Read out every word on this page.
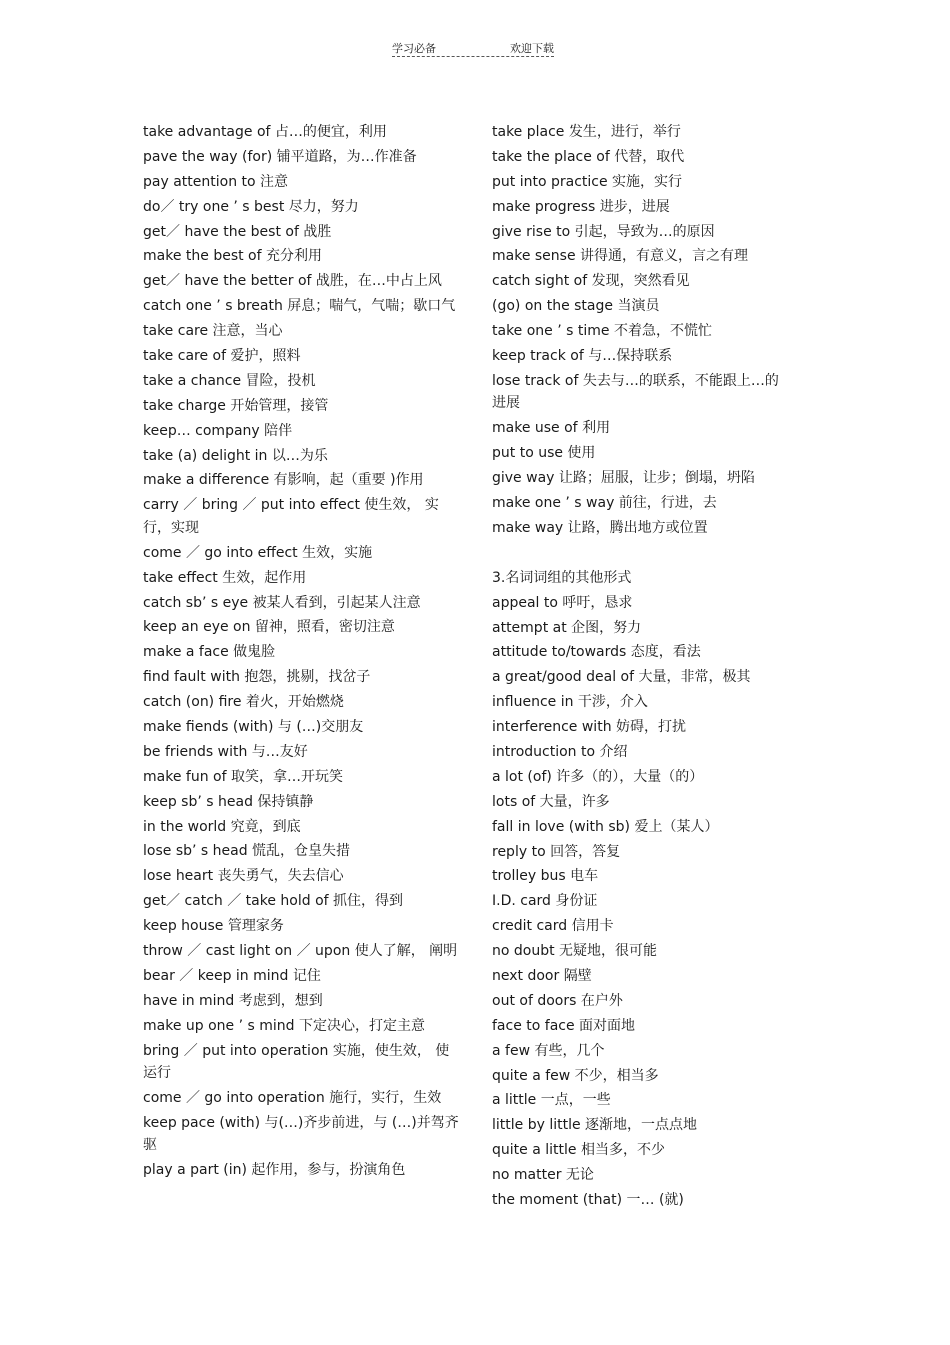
学习必备	欢迎下载
take advantage of 占…的便宜，利用
pave the way (for) 铺平道路，为…作准备
pay attention to 注意
do／ try one ’ s best 尽力，努力
get／ have the best of 战胜
make the best of 充分利用
get／ have the better of 战胜，在…中占上风
catch one ’ s breath 屏息；喘气，气喘；歇口气
take care 注意，当心
take care of 爱护，照料
take a chance 冒险，投机
take charge 开始管理，接管
keep… company 陪伴
take (a) delight in 以…为乐
make a difference 有影响，起（重要 )作用
carry ／ bring ／ put into effect 使生效， 实行，实现
come ／ go into effect 生效，实施
take effect 生效，起作用
catch sb’ s eye 被某人看到，引起某人注意
keep an eye on 留神，照看，密切注意
make a face 做鬼脸
find fault with 抱怨，挑剔，找岔子
catch (on) fire 着火，开始燃烧
make fiends (with) 与 (…)交朋友
be friends with 与…友好
make fun of 取笑，拿…开玩笑
keep sb’ s head 保持镇静
in the world 究竟，到底
lose sb’ s head 慌乱，仓皇失措
lose heart 丧失勇气，失去信心
get／ catch ／ take hold of 抓住，得到
keep house 管理家务
throw ／ cast light on ／ upon 使人了解， 阐明
bear ／ keep in mind 记住
have in mind 考虑到，想到
make up one ’ s mind 下定决心，打定主意
bring ／ put into operation 实施，使生效， 使运行
come ／ go into operation 施行，实行，生效
keep pace (with) 与(…)齐步前进，与 (…)并驾齐驱
play a part (in) 起作用，参与，扮演角色
take place 发生，进行，举行
take the place of 代替，取代
put into practice 实施，实行
make progress 进步，进展
give rise to 引起，导致为…的原因
make sense 讲得通，有意义，言之有理
catch sight of 发现，突然看见
(go) on the stage 当演员
take one ’ s time 不着急，不慌忙
keep track of 与…保持联系
lose track of 失去与…的联系，不能跟上…的进展
make use of 利用
put to use 使用
give way 让路；屈服，让步；倒塌，坍陷
make one ’ s way 前往，行进，去
make way 让路，腾出地方或位置
3.名词词组的其他形式
appeal to 呼吁，恳求
attempt at 企图，努力
attitude to/towards 态度，看法
a great/good deal of 大量，非常，极其
influence in 干涉，介入
interference with 妨碍，打扰
introduction to 介绍
a lot (of) 许多（的），大量（的）
lots of 大量，许多
fall in love (with sb) 爱上（某人）
reply to 回答，答复
trolley bus 电车
I.D. card 身份证
credit card 信用卡
no doubt 无疑地，很可能
next door 隔壁
out of doors 在户外
face to face 面对面地
a few 有些，几个
quite a few 不少，相当多
a little 一点，一些
little by little 逐渐地，一点点地
quite a little 相当多，不少
no matter 无论
the moment (that) 一… (就)
